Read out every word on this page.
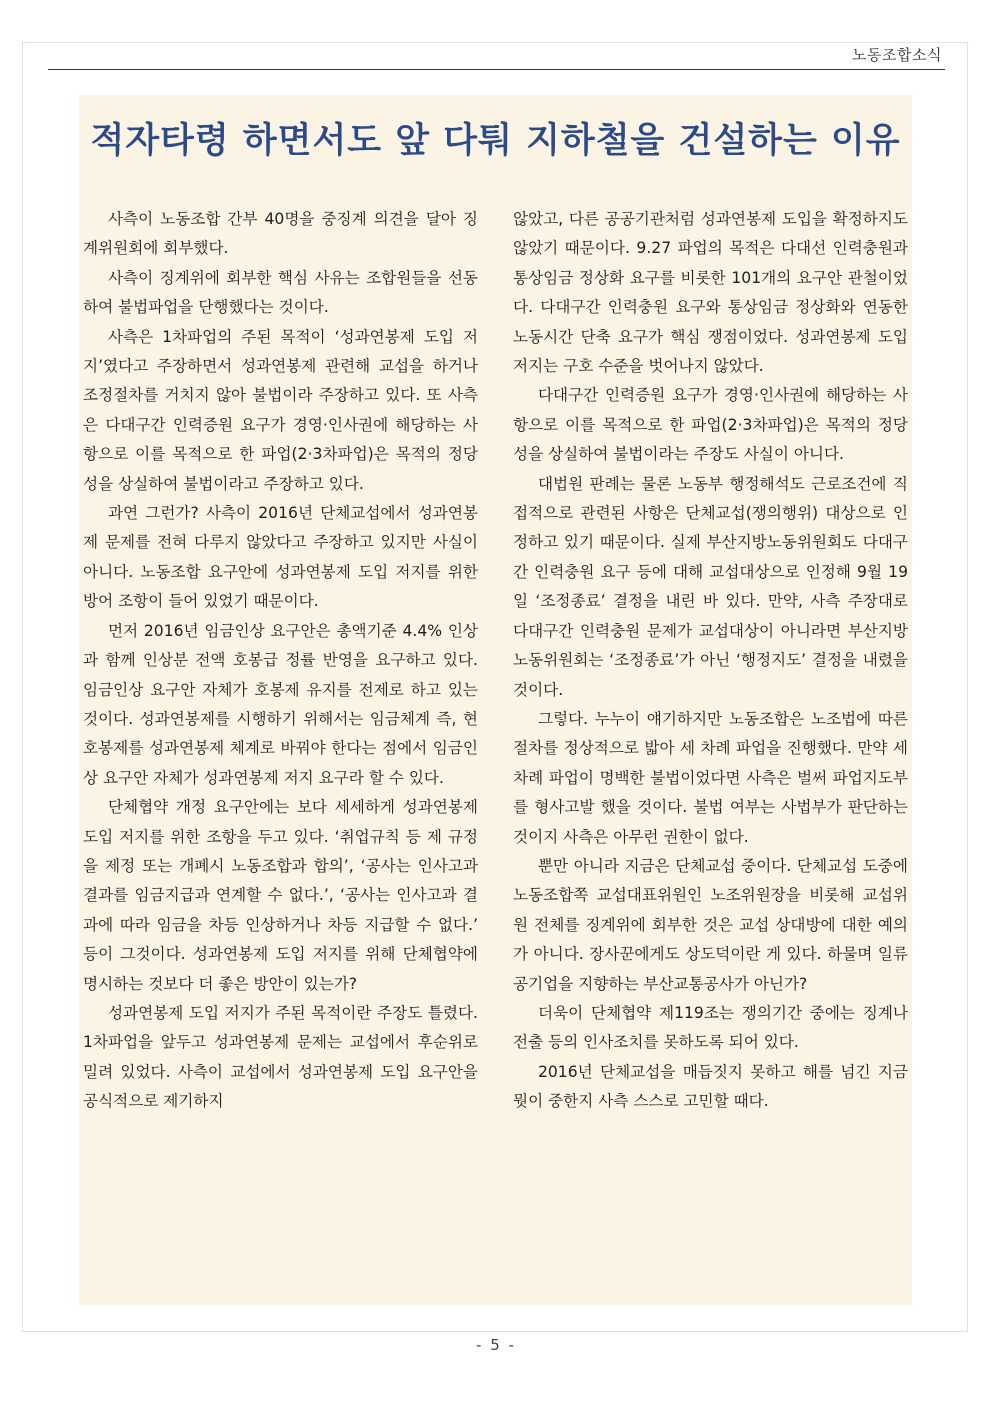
노동조합소식
적자타령 하면서도 앞 다퉈 지하철을 건설하는 이유

사측이 노동조합 간부 40명을 중징계 의견을 달아 징계위원회에 회부했다.

사측이 징계위에 회부한 핵심 사유는 조합원들을 선동하여 불법파업을 단행했다는 것이다.

사측은 1차파업의 주된 목적이 ‘성과연봉제 도입 저지’였다고 주장하면서 성과연봉제 관련해 교섭을 하거나 조정절차를 거치지 않아 불법이라 주장하고 있다. 또 사측은 다대구간 인력증원 요구가 경영·인사권에 해당하는 사항으로 이를 목적으로 한 파업(2·3차파업)은 목적의 정당성을 상실하여 불법이라고 주장하고 있다.

과연 그런가? 사측이 2016년 단체교섭에서 성과연봉제 문제를 전혀 다루지 않았다고 주장하고 있지만 사실이 아니다. 노동조합 요구안에 성과연봉제 도입 저지를 위한 방어 조항이 들어 있었기 때문이다.

먼저 2016년 임금인상 요구안은 총액기준 4.4% 인상과 함께 인상분 전액 호봉급 정률 반영을 요구하고 있다. 임금인상 요구안 자체가 호봉제 유지를 전제로 하고 있는 것이다. 성과연봉제를 시행하기 위해서는 임금체계 즉, 현 호봉제를 성과연봉제 체계로 바꿔야 한다는 점에서 임금인상 요구안 자체가 성과연봉제 저지 요구라 할 수 있다.

단체협약 개정 요구안에는 보다 세세하게 성과연봉제 도입 저지를 위한 조항을 두고 있다. ‘취업규칙 등 제 규정을 제정 또는 개폐시 노동조합과 합의’, ‘공사는 인사고과 결과를 임금지급과 연계할 수 없다.’, ‘공사는 인사고과 결과에 따라 임금을 차등 인상하거나 차등 지급할 수 없다.’ 등이 그것이다. 성과연봉제 도입 저지를 위해 단체협약에 명시하는 것보다 더 좋은 방안이 있는가?

성과연봉제 도입 저지가 주된 목적이란 주장도 틀렸다. 1차파업을 앞두고 성과연봉제 문제는 교섭에서 후순위로 밀려 있었다. 사측이 교섭에서 성과연봉제 도입 요구안을 공식적으로 제기하지

않았고, 다른 공공기관처럼 성과연봉제 도입을 확정하지도 않았기 때문이다. 9.27 파업의 목적은 다대선 인력충원과 통상임금 정상화 요구를 비롯한 101개의 요구안 관철이었다. 다대구간 인력충원 요구와 통상임금 정상화와 연동한 노동시간 단축 요구가 핵심 쟁점이었다. 성과연봉제 도입 저지는 구호 수준을 벗어나지 않았다.

다대구간 인력증원 요구가 경영·인사권에 해당하는 사항으로 이를 목적으로 한 파업(2·3차파업)은 목적의 정당성을 상실하여 불법이라는 주장도 사실이 아니다.

대법원 판례는 물론 노동부 행정해석도 근로조건에 직접적으로 관련된 사항은 단체교섭(쟁의행위) 대상으로 인정하고 있기 때문이다. 실제 부산지방노동위원회도 다대구간 인력충원 요구 등에 대해 교섭대상으로 인정해 9월 19일 ‘조정종료’ 결정을 내린 바 있다. 만약, 사측 주장대로 다대구간 인력충원 문제가 교섭대상이 아니라면 부산지방노동위원회는 ‘조정종료’가 아닌 ‘행정지도’ 결정을 내렸을 것이다.

그렇다. 누누이 얘기하지만 노동조합은 노조법에 따른 절차를 정상적으로 밟아 세 차례 파업을 진행했다. 만약 세 차례 파업이 명백한 불법이었다면 사측은 벌써 파업지도부를 형사고발 했을 것이다. 불법 여부는 사법부가 판단하는 것이지 사측은 아무런 권한이 없다.

뿐만 아니라 지금은 단체교섭 중이다. 단체교섭 도중에 노동조합쪽 교섭대표위원인 노조위원장을 비롯해 교섭위원 전체를 징계위에 회부한 것은 교섭 상대방에 대한 예의가 아니다. 장사꾼에게도 상도덕이란 게 있다. 하물며 일류 공기업을 지향하는 부산교통공사가 아닌가?

더욱이 단체협약 제119조는 쟁의기간 중에는 징계나 전출 등의 인사조치를 못하도록 되어 있다.

2016년 단체교섭을 매듭짓지 못하고 해를 넘긴 지금 뭣이 중한지 사측 스스로 고민할 때다.

- 5 -
